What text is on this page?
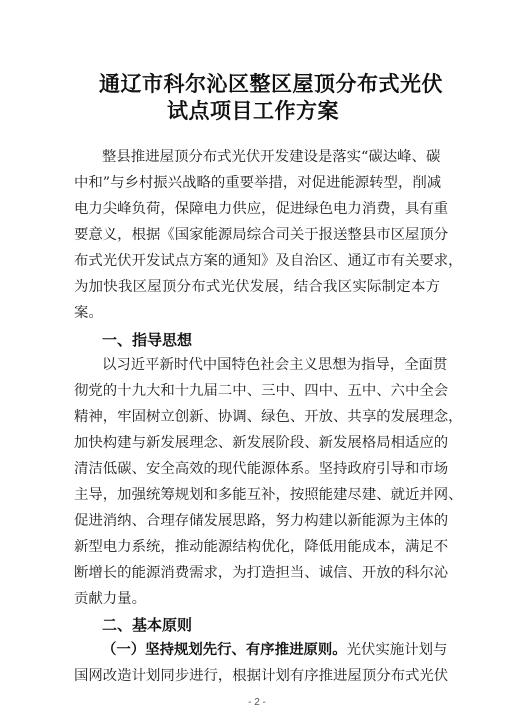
通辽市科尔沁区整区屋顶分布式光伏
试点项目工作方案
整县推进屋顶分布式光伏开发建设是落实“碳达峰、碳
中和”与乡村振兴战略的重要举措，对促进能源转型，削减
电力尖峰负荷，保障电力供应，促进绿色电力消费，具有重
要意义，根据《国家能源局综合司关于报送整县市区屋顶分
布式光伏开发试点方案的通知》及自治区、通辽市有关要求，
为加快我区屋顶分布式光伏发展，结合我区实际制定本方
案。
一、指导思想
以习近平新时代中国特色社会主义思想为指导，全面贯
彻党的十九大和十九届二中、三中、四中、五中、六中全会
精神，牢固树立创新、协调、绿色、开放、共享的发展理念，
加快构建与新发展理念、新发展阶段、新发展格局相适应的
清洁低碳、安全高效的现代能源体系。坚持政府引导和市场
主导，加强统筹规划和多能互补，按照能建尽建、就近并网、
促进消纳、合理存储发展思路，努力构建以新能源为主体的
新型电力系统，推动能源结构优化，降低用能成本，满足不
断增长的能源消费需求，为打造担当、诚信、开放的科尔沁
贡献力量。
二、基本原则
（一）坚持规划先行、有序推进原则。光伏实施计划与
国网改造计划同步进行，根据计划有序推进屋顶分布式光伏
- 2 -
